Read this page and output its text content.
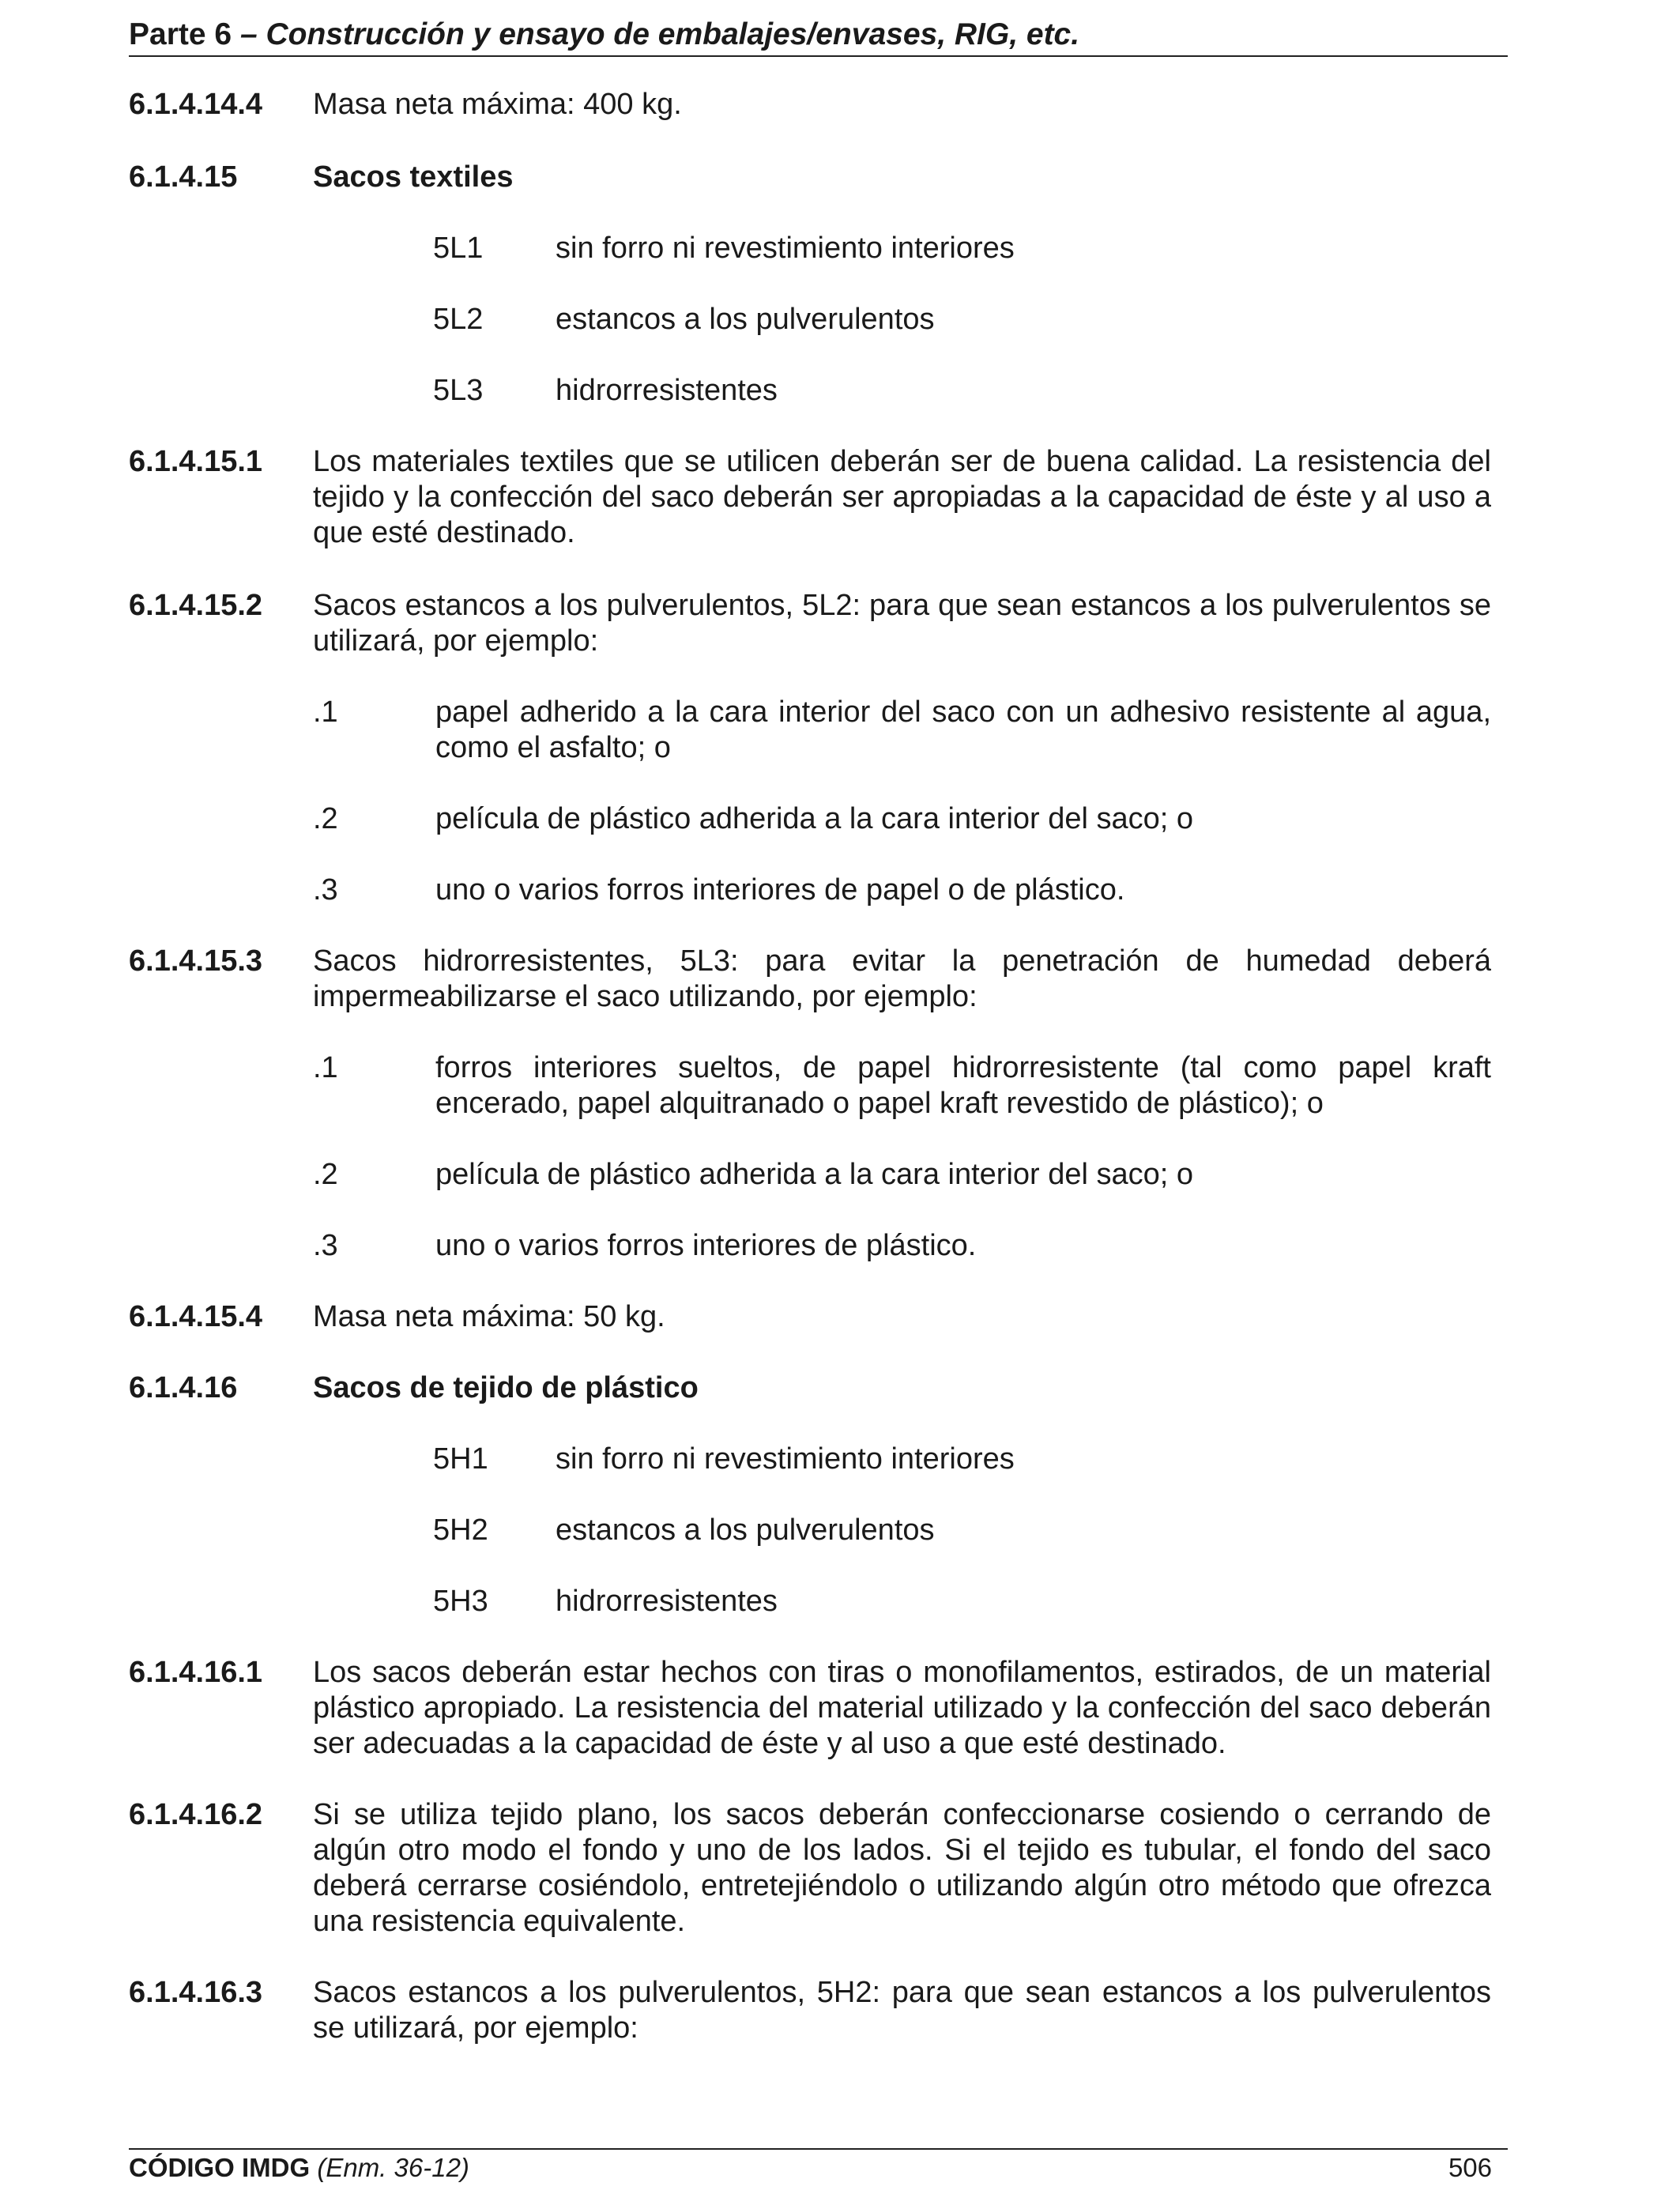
Parte 6 – Construcción y ensayo de embalajes/envases, RIG, etc.
6.1.4.14.4	Masa neta máxima: 400 kg.
6.1.4.15	Sacos textiles
5L1	sin forro ni revestimiento interiores
5L2	estancos a los pulverulentos
5L3	hidrorresistentes
6.1.4.15.1	Los materiales textiles que se utilicen deberán ser de buena calidad. La resistencia del tejido y la confección del saco deberán ser apropiadas a la capacidad de éste y al uso a que esté destinado.
6.1.4.15.2	Sacos estancos a los pulverulentos, 5L2: para que sean estancos a los pulverulentos se utilizará, por ejemplo:
.1	papel adherido a la cara interior del saco con un adhesivo resistente al agua, como el asfalto; o
.2	película de plástico adherida a la cara interior del saco; o
.3	uno o varios forros interiores de papel o de plástico.
6.1.4.15.3	Sacos hidrorresistentes, 5L3: para evitar la penetración de humedad deberá impermeabilizarse el saco utilizando, por ejemplo:
.1	forros interiores sueltos, de papel hidrorresistente (tal como papel kraft encerado, papel alquitranado o papel kraft revestido de plástico); o
.2	película de plástico adherida a la cara interior del saco; o
.3	uno o varios forros interiores de plástico.
6.1.4.15.4	Masa neta máxima: 50 kg.
6.1.4.16	Sacos de tejido de plástico
5H1	sin forro ni revestimiento interiores
5H2	estancos a los pulverulentos
5H3	hidrorresistentes
6.1.4.16.1	Los sacos deberán estar hechos con tiras o monofilamentos, estirados, de un material plástico apropiado. La resistencia del material utilizado y la confección del saco deberán ser adecuadas a la capacidad de éste y al uso a que esté destinado.
6.1.4.16.2	Si se utiliza tejido plano, los sacos deberán confeccionarse cosiendo o cerrando de algún otro modo el fondo y uno de los lados. Si el tejido es tubular, el fondo del saco deberá cerrarse cosiéndolo, entretejiéndolo o utilizando algún otro método que ofrezca una resistencia equivalente.
6.1.4.16.3	Sacos estancos a los pulverulentos, 5H2: para que sean estancos a los pulverulentos se utilizará, por ejemplo:
CÓDIGO IMDG (Enm. 36-12)	506
